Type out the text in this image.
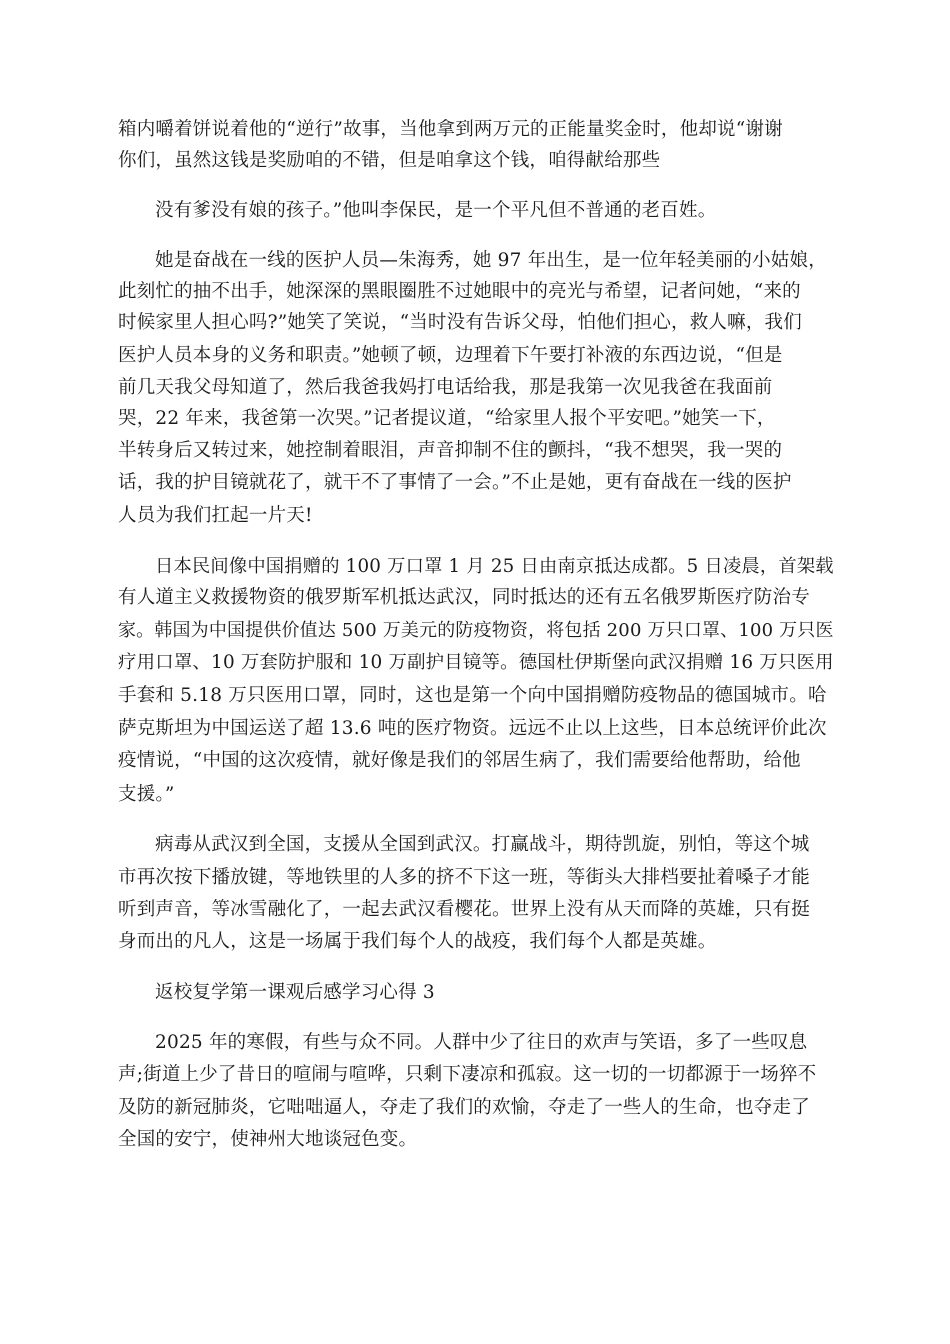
箱内嚼着饼说着他的“逆行”故事，当他拿到两万元的正能量奖金时，他却说“谢谢
你们，虽然这钱是奖励咱的不错，但是咱拿这个钱，咱得献给那些
没有爹没有娘的孩子。”他叫李保民，是一个平凡但不普通的老百姓。
她是奋战在一线的医护人员—朱海秀，她 97 年出生，是一位年轻美丽的小姑娘，
此刻忙的抽不出手，她深深的黑眼圈胜不过她眼中的亮光与希望，记者问她，“来的
时候家里人担心吗?”她笑了笑说，“当时没有告诉父母，怕他们担心，救人嘛，我们
医护人员本身的义务和职责。”她顿了顿，边理着下午要打补液的东西边说，“但是
前几天我父母知道了，然后我爸我妈打电话给我，那是我第一次见我爸在我面前
哭，22 年来，我爸第一次哭。”记者提议道，“给家里人报个平安吧。”她笑一下，
半转身后又转过来，她控制着眼泪，声音抑制不住的颤抖，“我不想哭，我一哭的
话，我的护目镜就花了，就干不了事情了一会。”不止是她，更有奋战在一线的医护
人员为我们扛起一片天!
日本民间像中国捐赠的 100 万口罩 1 月 25 日由南京抵达成都。5 日凌晨，首架载
有人道主义救援物资的俄罗斯军机抵达武汉，同时抵达的还有五名俄罗斯医疗防治专
家。韩国为中国提供价值达 500 万美元的防疫物资，将包括 200 万只口罩、100 万只医
疗用口罩、10 万套防护服和 10 万副护目镜等。德国杜伊斯堡向武汉捐赠 16 万只医用
手套和 5.18 万只医用口罩，同时，这也是第一个向中国捐赠防疫物品的德国城市。哈
萨克斯坦为中国运送了超 13.6 吨的医疗物资。远远不止以上这些，日本总统评价此次
疫情说，“中国的这次疫情，就好像是我们的邻居生病了，我们需要给他帮助，给他
支援。”
病毒从武汉到全国，支援从全国到武汉。打赢战斗，期待凯旋，别怕，等这个城
市再次按下播放键，等地铁里的人多的挤不下这一班，等街头大排档要扯着嗓子才能
听到声音，等冰雪融化了，一起去武汉看樱花。世界上没有从天而降的英雄，只有挺
身而出的凡人，这是一场属于我们每个人的战疫，我们每个人都是英雄。
返校复学第一课观后感学习心得 3
2025 年的寒假，有些与众不同。人群中少了往日的欢声与笑语，多了一些叹息
声;街道上少了昔日的喧闹与喧哗，只剩下凄凉和孤寂。这一切的一切都源于一场猝不
及防的新冠肺炎，它咄咄逼人，夺走了我们的欢愉，夺走了一些人的生命，也夺走了
全国的安宁，使神州大地谈冠色变。
